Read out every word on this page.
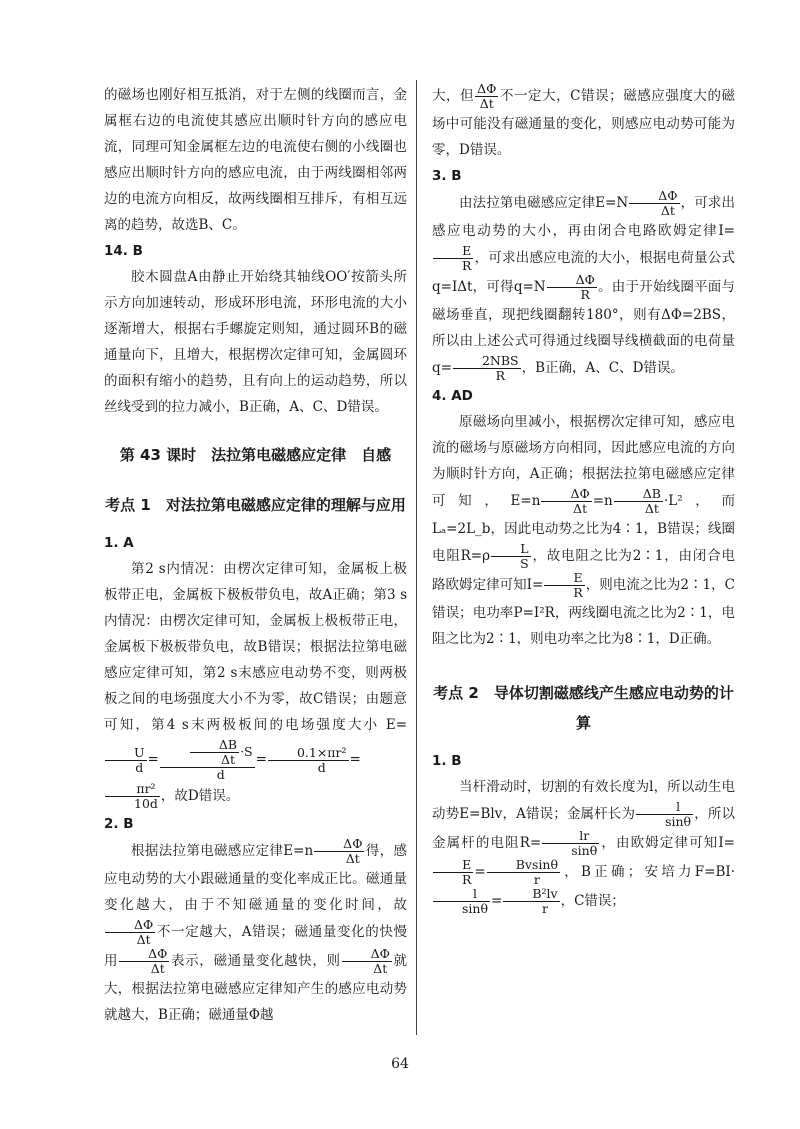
的磁场也刚好相互抵消，对于左侧的线圈而言，金属框右边的电流使其感应出顺时针方向的感应电流，同理可知金属框左边的电流使右侧的小线圈也感应出顺时针方向的感应电流，由于两线圈相邻两边的电流方向相反，故两线圈相互排斥，有相互远离的趋势，故选B、C。

14. B

胶木圆盘A由静止开始绕其轴线OO′按箭头所示方向加速转动，形成环形电流，环形电流的大小逐渐增大，根据右手螺旋定则知，通过圆环B的磁通量向下，且增大，根据楞次定律可知，金属圆环的面积有缩小的趋势，且有向上的运动趋势，所以丝线受到的拉力减小，B正确，A、C、D错误。

第 43 课时　法拉第电磁感应定律　自感

考点 1　对法拉第电磁感应定律的理解与应用

1. A

第2 s内情况：由楞次定律可知，金属板上极板带正电，金属板下极板带负电，故A正确；第3 s内情况：由楞次定律可知，金属板上极板带正电，金属板下极板带负电，故B错误；根据法拉第电磁感应定律可知，第2 s末感应电动势不变，则两极板之间的电场强度大小不为零，故C错误；由题意可知，第4 s末两极板间的电场强度大小 E=
$\frac{U}{d} = \frac{\frac{\Delta B}{\Delta t} \cdot S}{d} = \frac{\text{0.1×πr²}}{d}$ =
$\frac{\text{πr²}}{10d}$ ，故D错误。

2. B

根据法拉第电磁感应定律$E=n \frac{\Delta\Phi}{\Delta t}$ 得，感应电动势的大小跟磁通量的变化率成正比。磁通量变化越大，由于不知磁通量的变化时间，故
$\frac{\Delta\Phi}{\Delta t}$ 不一定越大，A错误；磁通量变化的快慢用 $\frac{\Delta\Phi}{\Delta t}$ 表示，磁通量变化越快，则 $\frac{\Delta\Phi}{\Delta t}$ 就大，根据法拉第电磁感应定律知产生的感应电动势就越大，B正确；磁通量Φ越

大，但 $\frac{\Delta\Phi}{\Delta t}$ 不一定大，C错误；磁感应强度大的磁场中可能没有磁通量的变化，则感应电动势可能为零，D错误。

3. B

由法拉第电磁感应定律$E=N \frac{\Delta\Phi}{\Delta t}$ ，可求出感应电动势的大小，再由闭合电路欧姆定律I=
$\frac{E}{R}$ ，可求出感应电流的大小，根据电荷量公式q=IΔt，可得$q=N \frac{\Delta\Phi}{R}$ 。由于开始线圈平面与磁场垂直，现把线圈翻转180°，则有ΔΦ=2BS，所以由上述公式可得通过线圈导线横截面的电荷量$q= \frac{\text{2NBS}}{R}$ ，B正确，A、C、D错误。

4. AD

原磁场向里减小，根据楞次定律可知，感应电流的磁场与原磁场方向相同，因此感应电流的方向为顺时针方向，A正确；根据法拉第电磁感应定律可知，$E=n \frac{\Delta\Phi}{\Delta t} =n \frac{\Delta B}{\Delta t} \cdot L^2$，而Lₐ=2L_b，因此电动势之比为4∶1，B错误；线圈电阻$R=\rho \frac{L}{S}$ ，故电阻之比为2∶1，由闭合电路欧姆定律可知$I= \frac{E}{R}$ ，则电流之比为2∶1，C错误；电功率P=I²R，两线圈电流之比为2∶1，电阻之比为2∶1，则电功率之比为8∶1，D正确。

考点 2　导体切割磁感线产生感应电动势的计算

1. B

当杆滑动时，切割的有效长度为l，所以动生电动势E=Blv，A错误；金属杆长为 $\frac{l}{\sin\theta}$ ，所以金属杆的电阻$R= \frac{lr}{\sin\theta}$ ，由欧姆定律可知I=
$\frac{E}{R} = \frac{Bvsin\theta}{r}$ ，B正确；安培力F=BI·
$\frac{l}{\sin\theta} = \frac{\text{B²lv}}{r}$ ，C错误；

64
